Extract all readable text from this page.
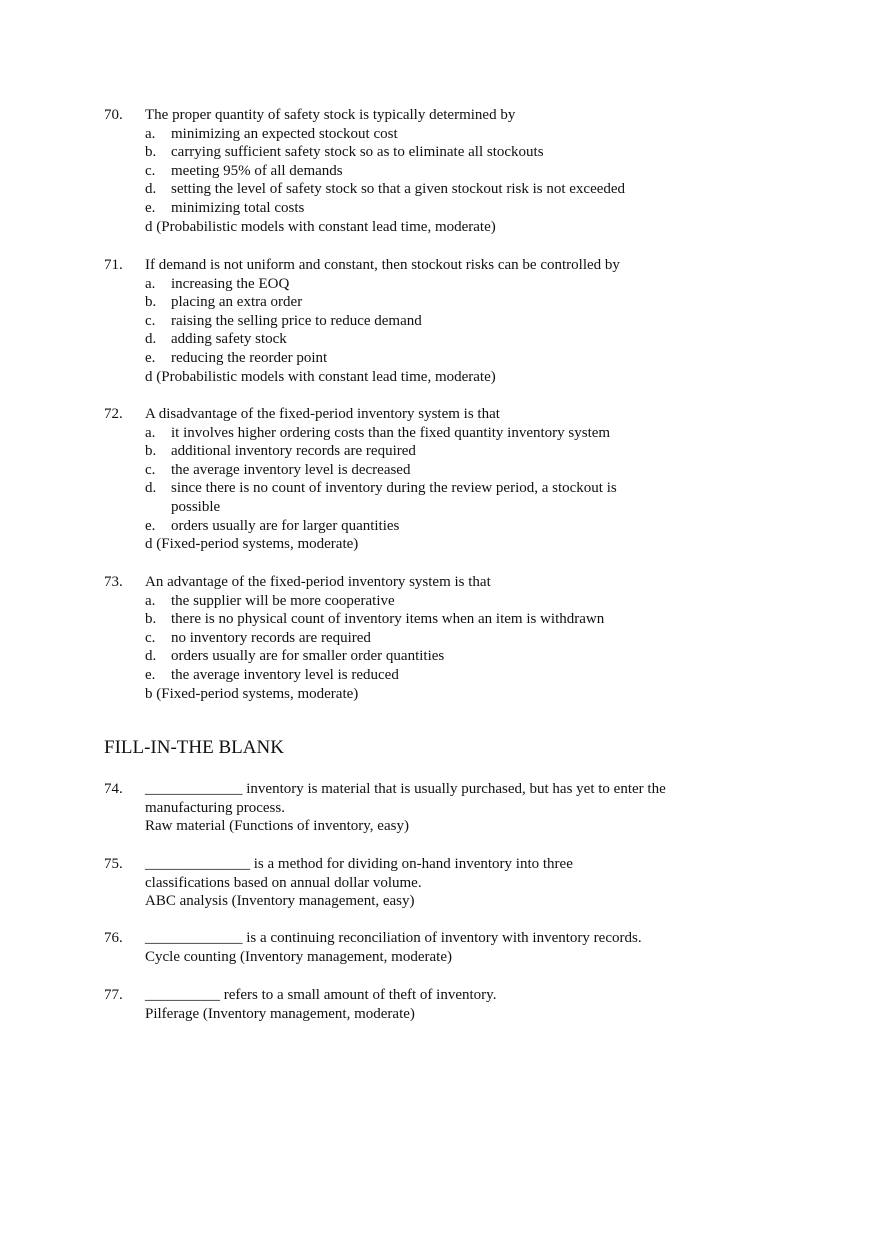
70.	The proper quantity of safety stock is typically determined by
a.	minimizing an expected stockout cost
b. carrying sufficient safety stock so as to eliminate all stockouts
c.	meeting 95% of all demands
d. setting the level of safety stock so that a given stockout risk is not exceeded
e.	minimizing total costs
d (Probabilistic models with constant lead time, moderate)
71.	If demand is not uniform and constant, then stockout risks can be controlled by
a.	increasing the EOQ
b. placing an extra order
c.	raising the selling price to reduce demand
d. adding safety stock
e.	reducing the reorder point
d (Probabilistic models with constant lead time, moderate)
72.	A disadvantage of the fixed-period inventory system is that
a.	it involves higher ordering costs than the fixed quantity inventory system
b. additional inventory records are required
c.	the average inventory level is decreased
d. since there is no count of inventory during the review period, a stockout is possible
e.	orders usually are for larger quantities
d (Fixed-period systems, moderate)
73.	An advantage of the fixed-period inventory system is that
a.	the supplier will be more cooperative
b. there is no physical count of inventory items when an item is withdrawn
c.	no inventory records are required
d. orders usually are for smaller order quantities
e.	the average inventory level is reduced
b (Fixed-period systems, moderate)
FILL-IN-THE BLANK
74.	_____________ inventory is material that is usually purchased, but has yet to enter the manufacturing process.
Raw material (Functions of inventory, easy)
75.	______________ is a method for dividing on-hand inventory into three classifications based on annual dollar volume.
ABC analysis (Inventory management, easy)
76.	_____________ is a continuing reconciliation of inventory with inventory records.
Cycle counting (Inventory management, moderate)
77.	__________ refers to a small amount of theft of inventory.
Pilferage (Inventory management, moderate)
